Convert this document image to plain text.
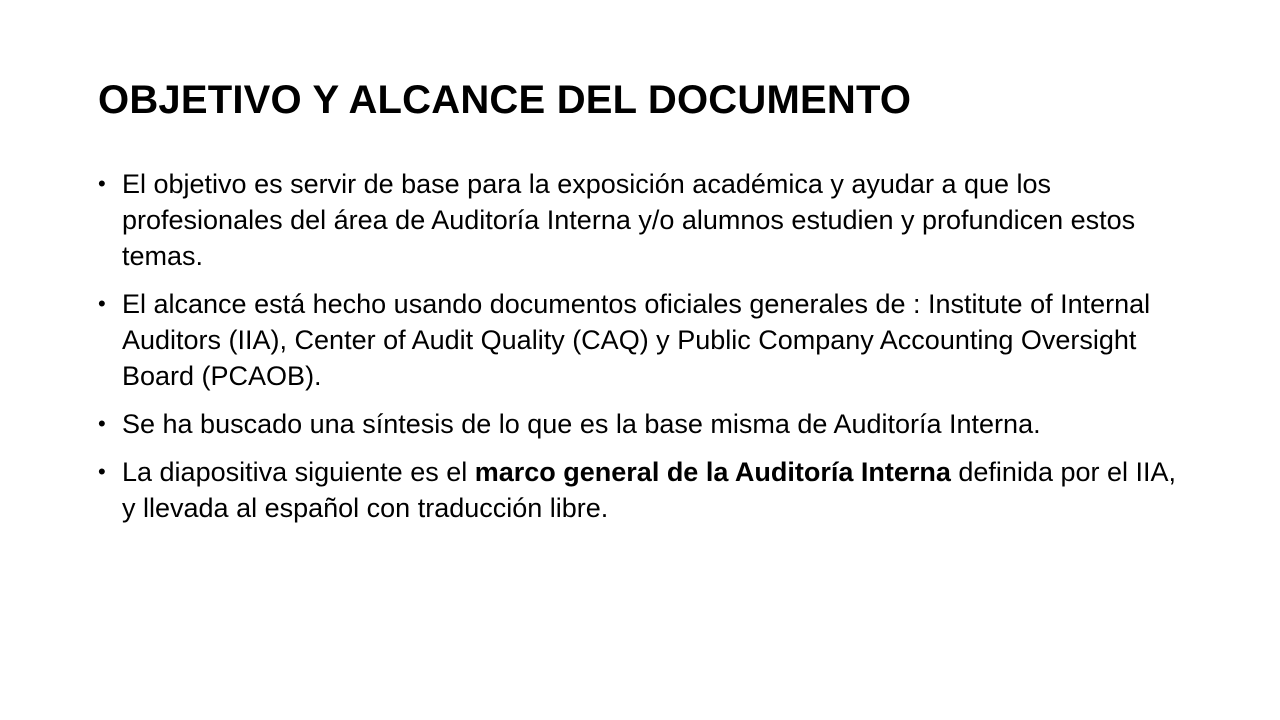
OBJETIVO Y ALCANCE DEL DOCUMENTO
• El objetivo es servir de base para la exposición académica y ayudar a que los profesionales del área de Auditoría Interna y/o alumnos estudien y profundicen estos temas.
• El alcance está hecho usando documentos oficiales generales de : Institute of Internal Auditors (IIA), Center of Audit Quality (CAQ) y Public Company Accounting Oversight Board (PCAOB).
• Se ha buscado una síntesis de lo que es la base misma de Auditoría Interna.
• La diapositiva siguiente es el marco general de la Auditoría Interna definida por el IIA, y llevada al español con traducción libre.
